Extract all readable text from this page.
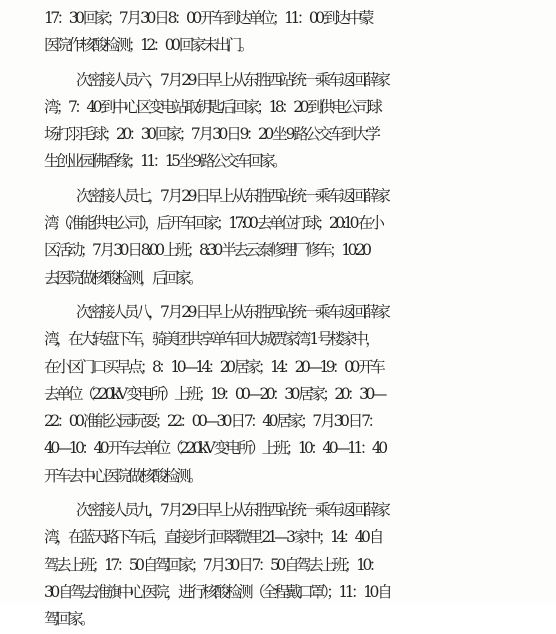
17：30 回家；7 月 30 日 8：00 开车到达单位；11：00 到达中蒙
医院作核酸检测；12：00 回家未出门。
次密接人员六，7 月 29 日早上从东胜西站统一乘车返回薛家
湾；7：40 到中心区变电站取钥匙后回家；18：20 到供电公司球
场打羽毛球；20：30 回家；7 月 30 日 9：20 坐 9 路公交车到大学
生创业园佛香缘；11：15 坐 9 路公交车回家。
次密接人员七，7 月 29 日早上从东胜西站统一乘车返回薛家
湾（准能供电公司），后开车回家；17:00 去单位打球；20:10 在小
区活动；7 月 30 日 8:00 上班；8:30 半去云泰修理厂修车；10:20
去医院做核酸检测，后回家。
次密接人员八，7 月 29 日早上从东胜西站统一乘车返回薛家
湾，在大转盘下车，骑美团共享单车回大城贾家湾 1 号楼家中，
在小区门口买早点；8：10—14：20 居家；14：20—19：00 开车
去单位（220kV 变电所）上班；19：00—20：30 居家；20：30—
22：00 准能公园玩耍；22：00—30 日 7：40 居家；7 月 30 日 7：
40—10：40 开车去单位（220kV 变电所）上班；10：40—11：40
开车去中心医院做核酸检测。
次密接人员九，7 月 29 日早上从东胜西站统一乘车返回薛家
湾，在蓝天路下车后，直接步行回翠微里 21—3 家中；14：40 自
驾去上班；17：50 自驾回家；7 月 30 日 7：50 自驾去上班；10：
30 自驾去准旗中心医院，进行核酸检测（全程戴口罩）；11：10 自
驾回家。
